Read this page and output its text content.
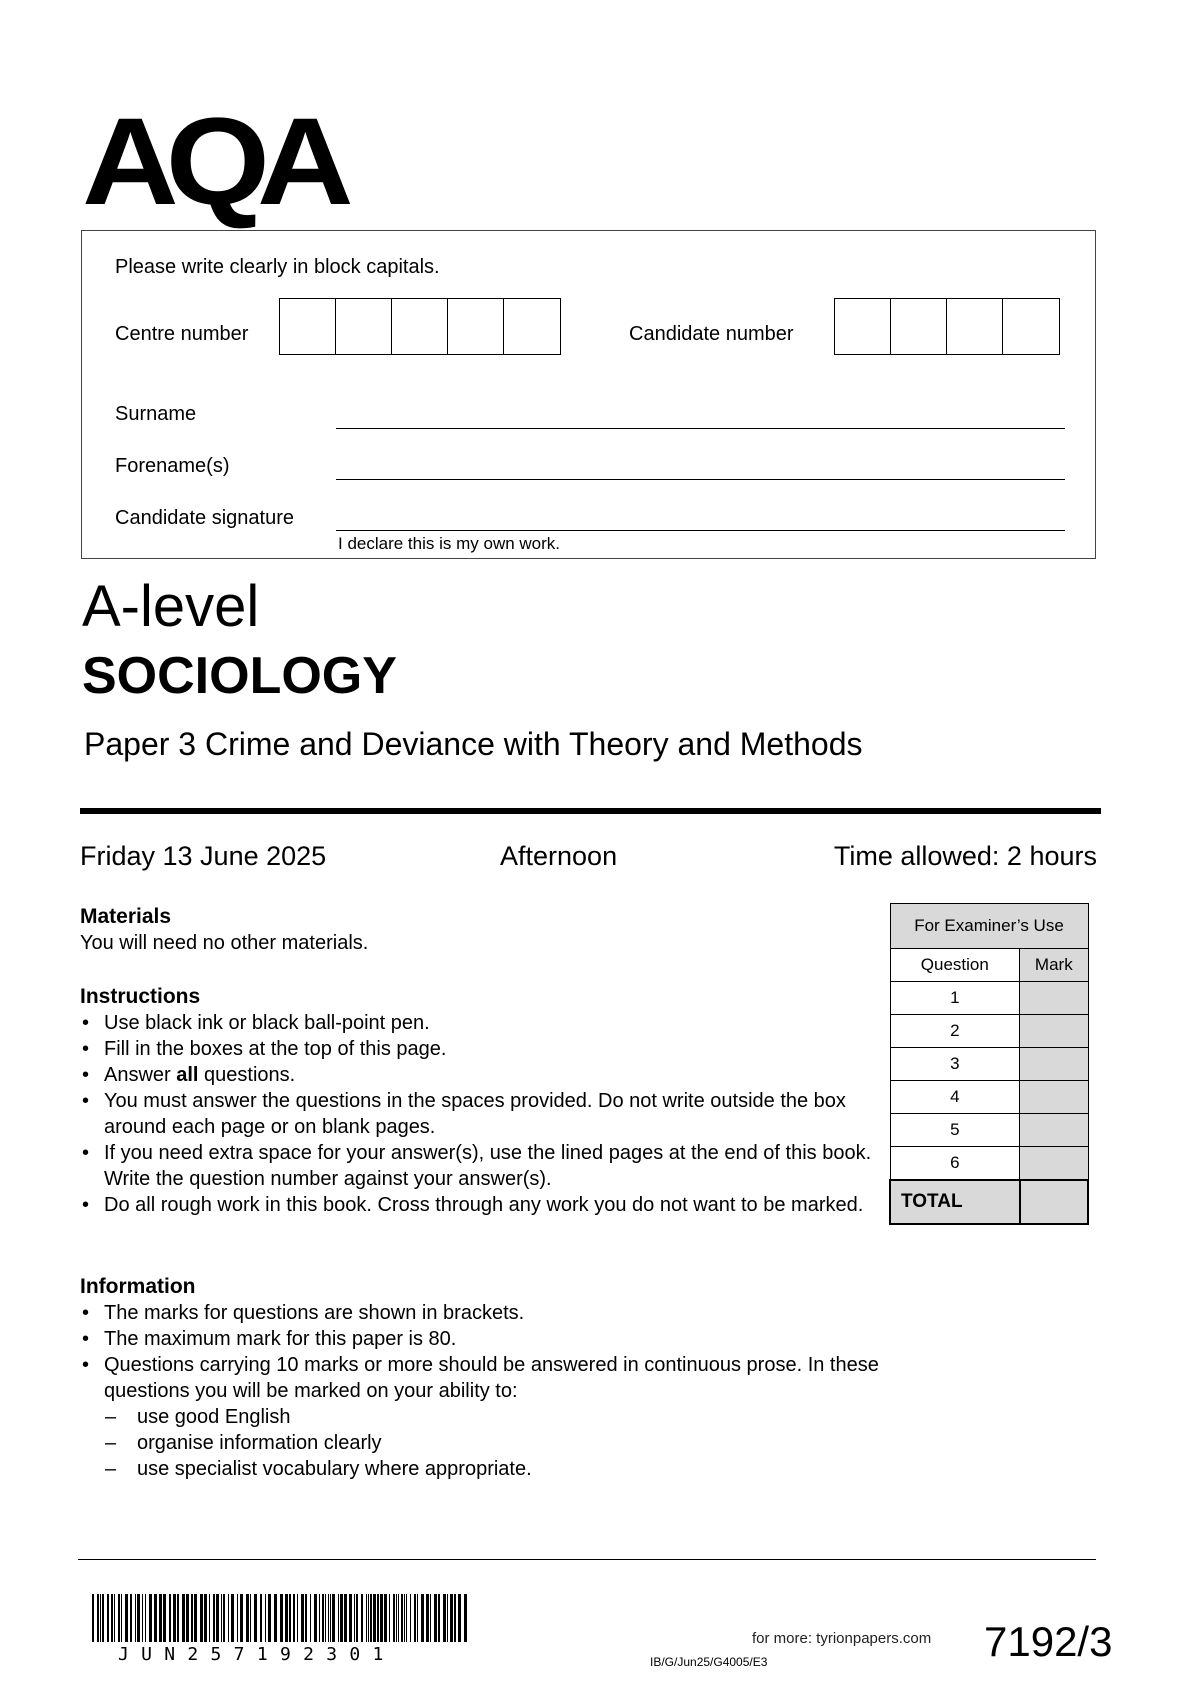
AQA
Please write clearly in block capitals.
Centre number	Candidate number
Surname
Forename(s)
Candidate signature
I declare this is my own work.
A-level
SOCIOLOGY
Paper 3 Crime and Deviance with Theory and Methods
Friday 13 June 2025	Afternoon	Time allowed: 2 hours
Materials
You will need no other materials.
Instructions
• Use black ink or black ball-point pen.
• Fill in the boxes at the top of this page.
• Answer all questions.
• You must answer the questions in the spaces provided. Do not write outside the box around each page or on blank pages.
• If you need extra space for your answer(s), use the lined pages at the end of this book. Write the question number against your answer(s).
• Do all rough work in this book. Cross through any work you do not want to be marked.
Information
• The marks for questions are shown in brackets.
• The maximum mark for this paper is 80.
• Questions carrying 10 marks or more should be answered in continuous prose. In these questions you will be marked on your ability to:
– use good English
– organise information clearly
– use specialist vocabulary where appropriate.
For Examiner’s Use	
Question	Mark
1	
2	
3	
4	
5	
6	
TOTAL	
JUN257192301	IB/G/Jun25/G4005/E3
for more: tyrionpapers.com 7192/3
